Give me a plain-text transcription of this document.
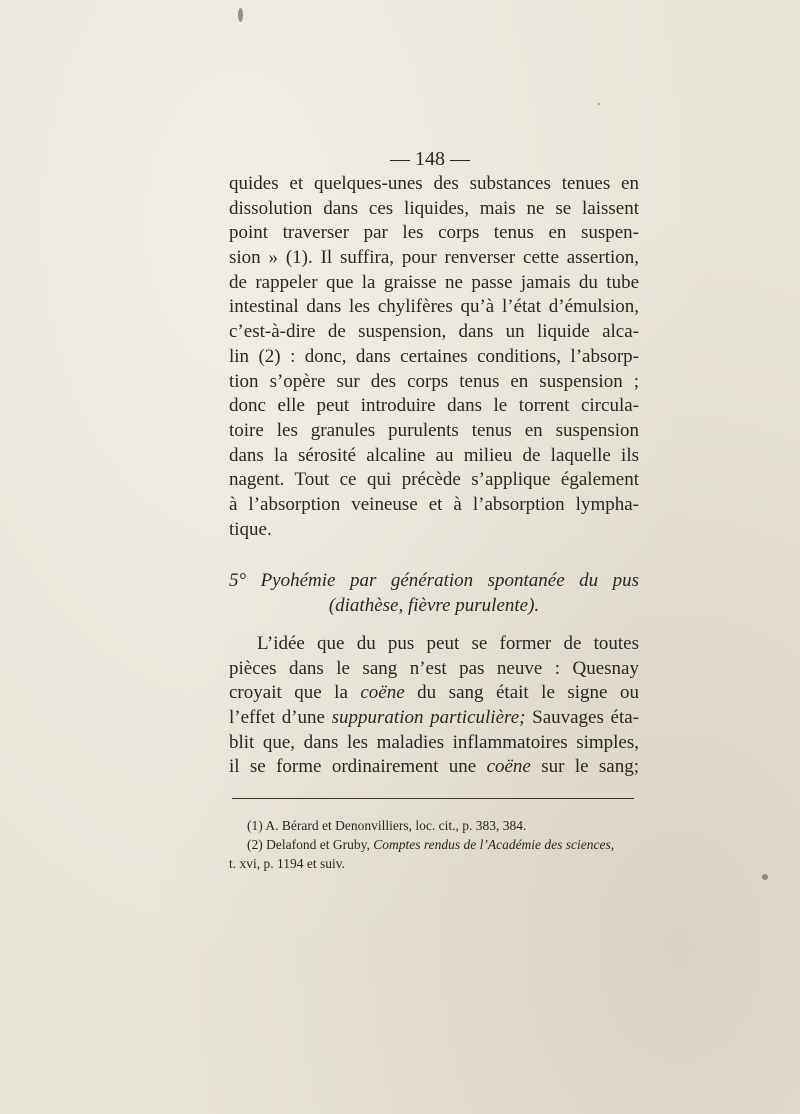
— 148 —
quides et quelques-unes des substances tenues en
dissolution dans ces liquides, mais ne se laissent
point traverser par les corps tenus en suspen-
sion » (1). Il suffira, pour renverser cette assertion,
de rappeler que la graisse ne passe jamais du tube
intestinal dans les chylifères qu’à l’état d’émulsion,
c’est-à-dire de suspension, dans un liquide alca-
lin (2) : donc, dans certaines conditions, l’absorp-
tion s’opère sur des corps tenus en suspension ;
donc elle peut introduire dans le torrent circula-
toire les granules purulents tenus en suspension
dans la sérosité alcaline au milieu de laquelle ils
nagent. Tout ce qui précède s’applique également
à l’absorption veineuse et à l’absorption lympha-
tique.
5° Pyohémie par génération spontanée du pus
(diathèse, fièvre purulente).
L’idée que du pus peut se former de toutes
pièces dans le sang n’est pas neuve : Quesnay
croyait que la coëne du sang était le signe ou
l’effet d’une suppuration particulière; Sauvages éta-
blit que, dans les maladies inflammatoires simples,
il se forme ordinairement une coëne sur le sang;
(1) A. Bérard et Denonvilliers, loc. cit., p. 383, 384.
(2) Delafond et Gruby, Comptes rendus de l’Académie des sciences,
t. xvi, p. 1194 et suiv.
